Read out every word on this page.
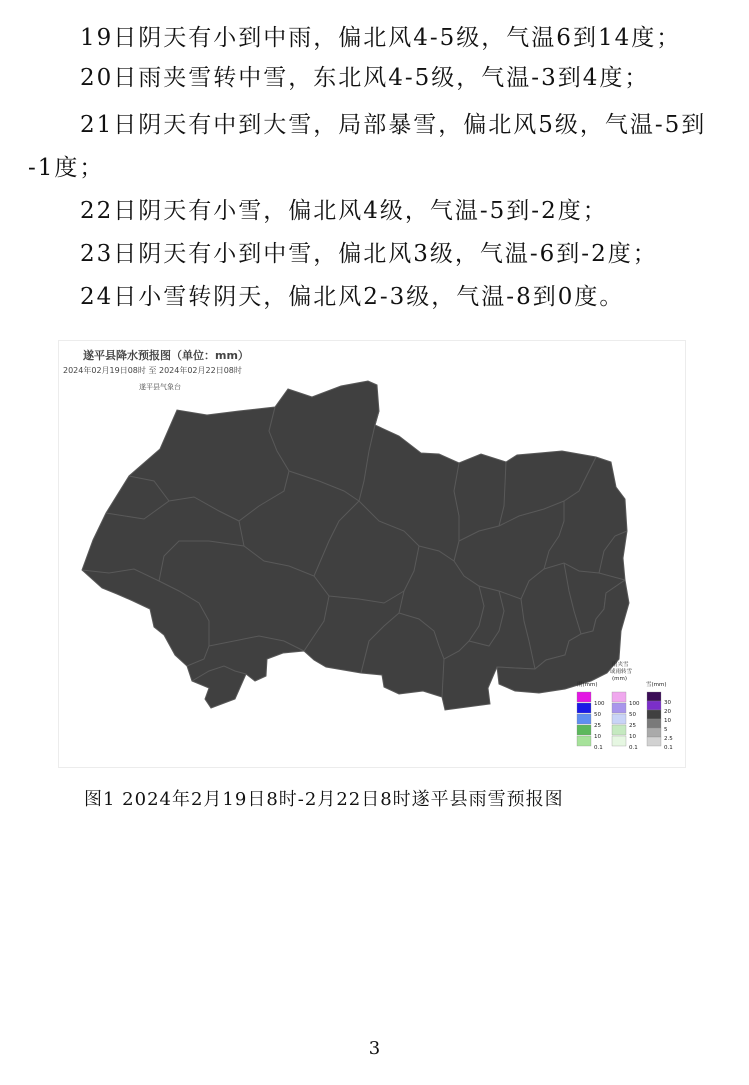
19日阴天有小到中雨，偏北风4-5级，气温6到14度；
20日雨夹雪转中雪，东北风4-5级，气温-3到4度；
21日阴天有中到大雪，局部暴雪，偏北风5级，气温-5到
-1度；
22日阴天有小雪，偏北风4级，气温-5到-2度；
23日阴天有小到中雪，偏北风3级，气温-6到-2度；
24日小雪转阴天，偏北风2-3级，气温-8到0度。
遂平县降水预报图（单位：mm）
2024年02月19日08时 至 2024年02月22日08时
遂平县气象台
雨(mm)
100
50
25
10
0.1
雨夹雪
或雨转雪
(mm)
100
50
25
10
0.1
雪(mm)
30
20
10
5
2.5
0.1
图1 2024年2月19日8时-2月22日8时遂平县雨雪预报图
3
